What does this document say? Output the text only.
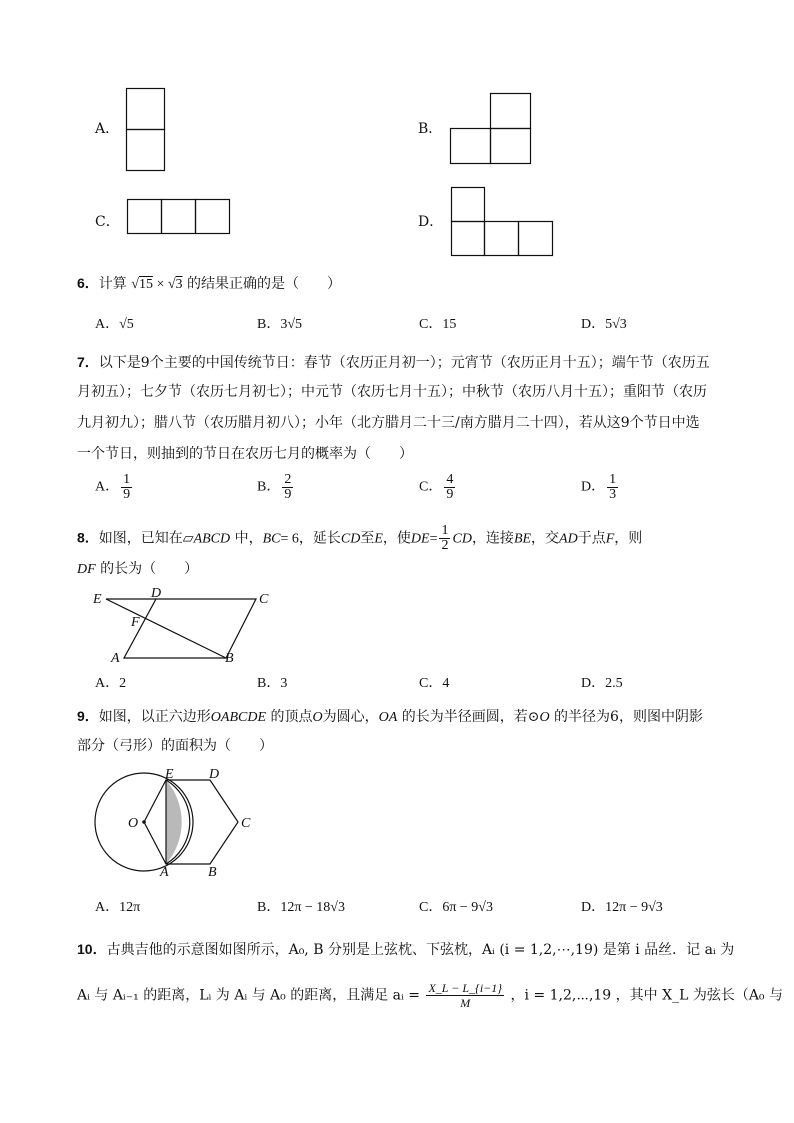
A．	B．
C．	D．
6．计算 √15 × √3 的结果正确的是（　　）
A．√5	B．3√5	C．15	D．5√3
7．以下是9个主要的中国传统节日：春节（农历正月初一）；元宵节（农历正月十五）；端午节（农历五
月初五）；七夕节（农历七月初七）；中元节（农历七月十五）；中秋节（农历八月十五）；重阳节（农历
九月初九）；腊八节（农历腊月初八）；小年（北方腊月二十三/南方腊月二十四），若从这9个节日中选
一个节日，则抽到的节日在农历七月的概率为（　　）
A． $\frac{1}{9}$	B． $\frac{2}{9}$	C． $\frac{4}{9}$	D． $\frac{1}{3}$
8．如图，已知在▱ABCD 中，BC= 6，延长CD至E，使$DE= \frac{1}{2}$ CD，连接BE，交AD于点F，则
DF 的长为（　　）
E	D	C
F
A	B
A．2	B．3	C．4	D．2.5
9．如图，以正六边形OABCDE 的顶点O为圆心，OA 的长为半径画圆，若⊙O 的半径为6，则图中阴影
部分（弓形）的面积为（　　）
E	D
O	C
A	B
A．12π	B．12π − 18√3	C．6π − 9√3	D．12π − 9√3
10．古典吉他的示意图如图所示，A₀, B 分别是上弦枕、下弦枕，Aᵢ (i = 1,2,⋯,19) 是第 i 品丝．记 aᵢ 为
Aᵢ 与 Aᵢ₋₁ 的距离，Lᵢ 为 Aᵢ 与 A₀ 的距离，且满足 aᵢ = $\frac{X\_L - L\_\{i-1\}}{M}$ ，i = 1,2,⋯,19 ，其中 X_L 为弦长（A₀ 与
